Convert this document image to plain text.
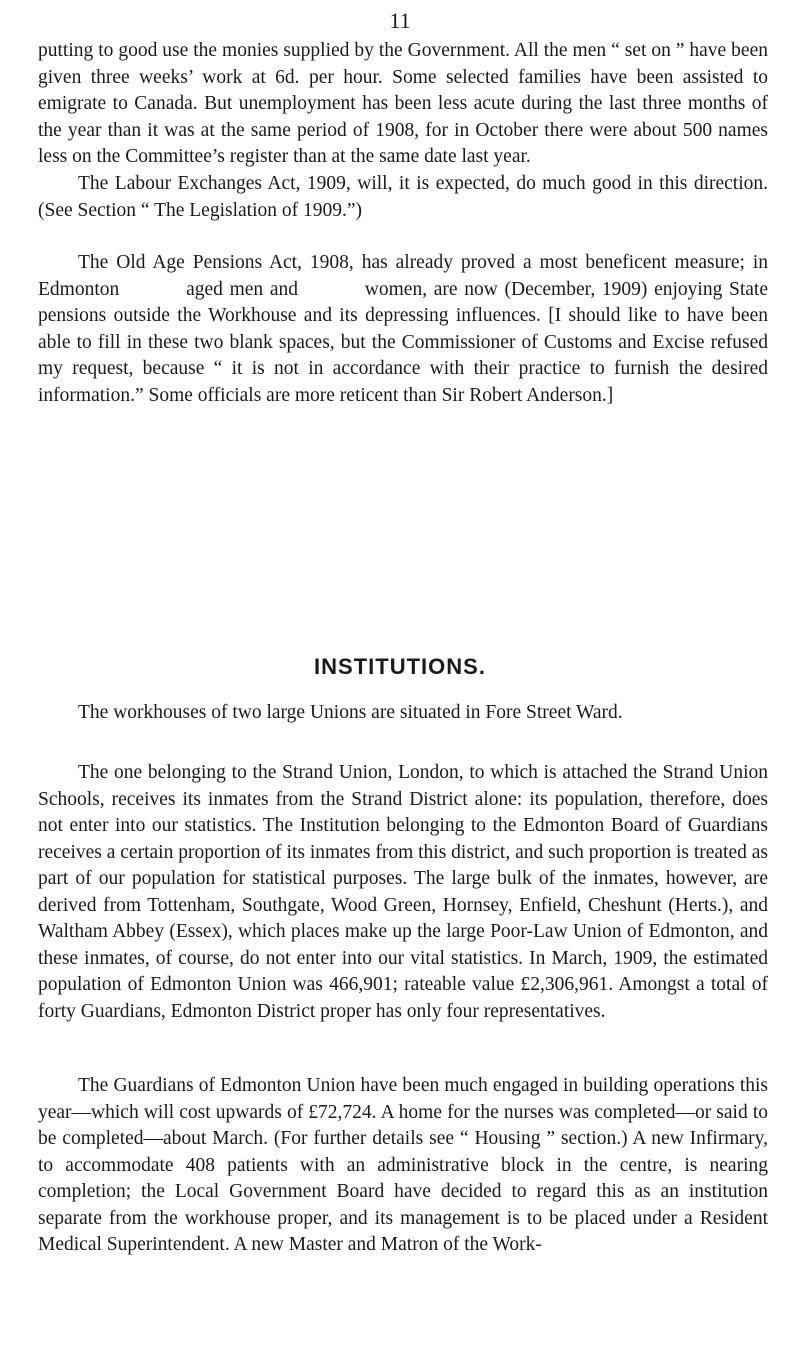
11

putting to good use the monies supplied by the Government. All the men “ set on ” have been given three weeks’ work at 6d. per hour. Some selected families have been assisted to emigrate to Canada. But unemployment has been less acute during the last three months of the year than it was at the same period of 1908, for in October there were about 500 names less on the Committee’s register than at the same date last year.

The Labour Exchanges Act, 1909, will, it is expected, do much good in this direction. (See Section “ The Legislation of 1909.”)

The Old Age Pensions Act, 1908, has already proved a most beneficent measure; in Edmonton          aged men and          women, are now (December, 1909) enjoying State pensions outside the Workhouse and its depressing influences. [I should like to have been able to fill in these two blank spaces, but the Commissioner of Customs and Excise refused my request, because “ it is not in accordance with their practice to furnish the desired information.” Some officials are more reticent than Sir Robert Anderson.]

INSTITUTIONS.

The workhouses of two large Unions are situated in Fore Street Ward.

The one belonging to the Strand Union, London, to which is attached the Strand Union Schools, receives its inmates from the Strand District alone: its population, therefore, does not enter into our statistics. The Institution belonging to the Edmonton Board of Guardians receives a certain proportion of its inmates from this district, and such proportion is treated as part of our population for statistical purposes. The large bulk of the inmates, however, are derived from Tottenham, Southgate, Wood Green, Hornsey, Enfield, Cheshunt (Herts.), and Waltham Abbey (Essex), which places make up the large Poor-Law Union of Edmonton, and these inmates, of course, do not enter into our vital statistics. In March, 1909, the estimated population of Edmonton Union was 466,901; rateable value £2,306,961. Amongst a total of forty Guardians, Edmonton District proper has only four representatives.

The Guardians of Edmonton Union have been much engaged in building operations this year—which will cost upwards of £72,724. A home for the nurses was completed—or said to be completed—about March. (For further details see “ Housing ” section.) A new Infirmary, to accommodate 408 patients with an administrative block in the centre, is nearing completion; the Local Government Board have decided to regard this as an institution separate from the workhouse proper, and its management is to be placed under a Resident Medical Superintendent. A new Master and Matron of the Work-
